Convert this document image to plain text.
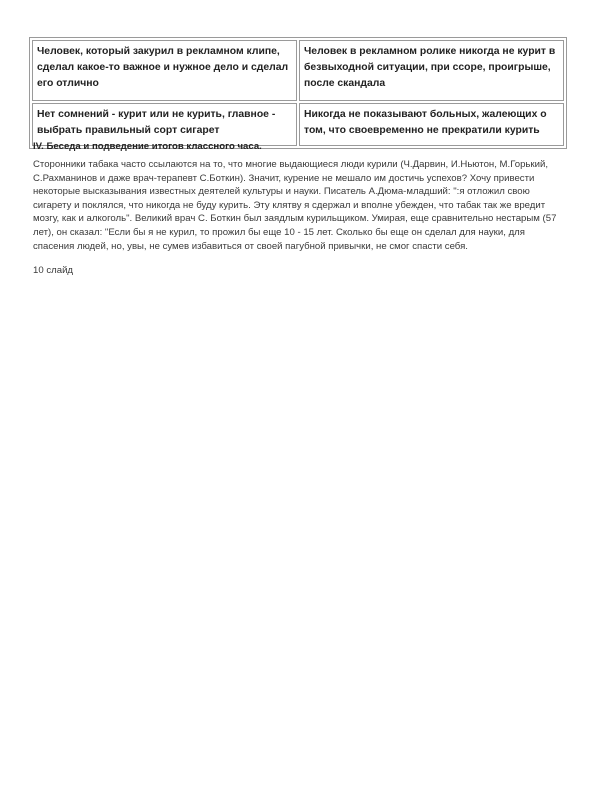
Человек, который закурил в рекламном клипе, сделал какое-то важное и нужное дело и сделал его отлично	Человек в рекламном ролике никогда не курит в безвыходной ситуации, при ссоре, проигрыше, после скандала
Нет сомнений - курит или не курить, главное - выбрать правильный сорт сигарет	Никогда не показывают больных, жалеющих о том, что своевременно не прекратили курить

IV. Беседа и подведение итогов классного часа.

Сторонники табака часто ссылаются на то, что многие выдающиеся люди курили (Ч.Дарвин, И.Ньютон, М.Горький, С.Рахманинов и даже врач-терапевт С.Боткин). Значит, курение не мешало им достичь успехов? Хочу привести некоторые высказывания известных деятелей культуры и науки. Писатель А.Дюма-младший: ":я отложил свою сигарету и поклялся, что никогда не буду курить. Эту клятву я сдержал и вполне убежден, что табак так же вредит мозгу, как и алкоголь". Великий врач С. Боткин был заядлым курильщиком. Умирая, еще сравнительно нестарым (57 лет), он сказал: "Если бы я не курил, то прожил бы еще 10 - 15 лет. Сколько бы еще он сделал для науки, для спасения людей, но, увы, не сумев избавиться от своей пагубной привычки, не смог спасти себя.

10 слайд
